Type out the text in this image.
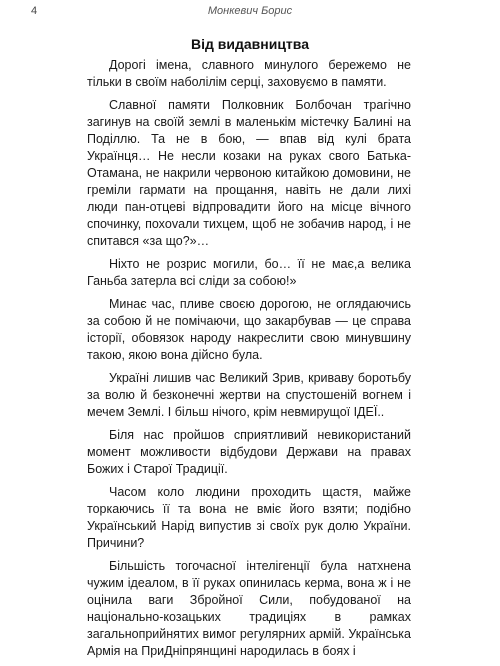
4	Монкевич Борис
Від видавництва

Дорогі імена, славного минулого бережемо не тільки в своїм наболілім серці, заховуємо в памяти.

Славної памяти Полковник Болбочан трагічно загинув на своїй землі в маленькім містечку Балині на Поділлю. Та не в бою, — впав від кулі брата Українця… Не несли козаки на руках свого Батька-Отамана, не накрили червоною китайкою домовини, не греміли гармати на прощання, навіть не дали лихі люди пан-отцеві відпровадити його на місце вічного спочинку, похovали тихцем, щоб не зобачив народ, і не спитався «за що?»…

Ніхто не розрис могили, бо… її не має,а велика Ганьба затерла всі сліди за собою!»

Минає час, пливе своєю дорогою, не оглядаючись за собою й не помічаючи, що закарбував — це справа історії, обовязок народу накреслити свою минувшину такою, якою вона дійсно була.

Україні лишив час Великий Зрив, криваву боротьбу за волю й безконечні жертви на спустошеній вогнем і мечем Землі. І більш нічого, крім невмирущої ІДЕЇ..

Біля нас пройшов сприятливий невикористаний момент можливости відбудови Держави на правах Божих і Старої Традиції.

Часом коло людини проходить щастя, майже торкаючись її та вона не вміє його взяти; подібно Український Нарід випустив зі своїх рук долю України. Причини?

Більшість тогочасної інтелігенції була натхнена чужим ідеалом, в її руках опинилась керма, вона ж і не оцінила ваги Збройної Сили, побудованої на національно-козацьких традиціях в рамках загальноприйнятих вимог регулярних армій. Українська Армія на ПриДніпрянщині народилась в боях і
